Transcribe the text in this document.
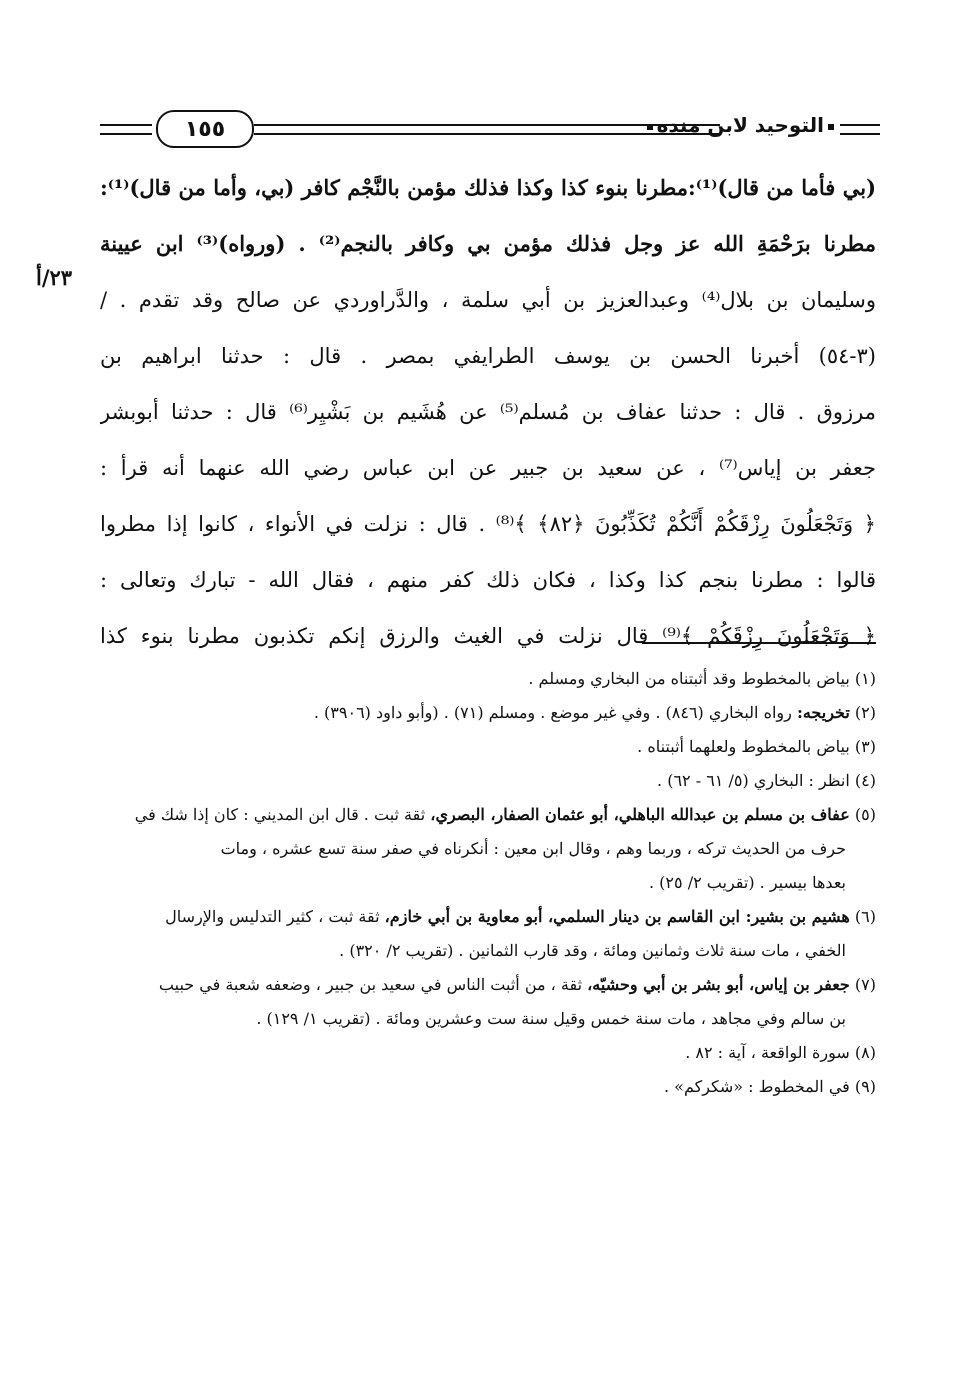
١٥٥	التوحيد لابن منده
٢٣/أ
(بي فأما من قال)⁽¹⁾:مطرنا بنوء كذا وكذا فذلك مؤمن بالنَّجْم كافر (بي، وأما من قال)⁽¹⁾:
مطرنا برَحْمَةِ الله عز وجل فذلك مؤمن بي وكافر بالنجم⁽²⁾ . (ورواه)⁽³⁾ ابن عيينة
وسليمان بن بلال⁽⁴⁾ وعبدالعزيز بن أبي سلمة ، والدَّراوردي عن صالح وقد تقدم . /
(٣-٥٤) أخبرنا الحسن بن يوسف الطرايفي بمصر . قال : حدثنا ابراهيم بن
مرزوق . قال : حدثنا عفاف بن مُسلم⁽⁵⁾ عن هُشَيم بن بَشْيِر⁽⁶⁾ قال : حدثنا أبوبشر
جعفر بن إياس⁽⁷⁾ ، عن سعيد بن جبير عن ابن عباس رضي الله عنهما أنه قرأ :
﴿ وَتَجْعَلُونَ رِزْقَكُمْ أَنَّكُمْ تُكَذِّبُونَ ﴿٨٢﴾ ﴾⁽⁸⁾ . قال : نزلت في الأنواء ، كانوا إذا مطروا
قالوا : مطرنا بنجم كذا وكذا ، فكان ذلك كفر منهم ، فقال الله - تبارك وتعالى :
﴿ وَتَجْعَلُونَ رِزْقَكُمْ ﴾⁽⁹⁾ قال نزلت في الغيث والرزق إنكم تكذبون مطرنا بنوء كذا
(١) بياض بالمخطوط وقد أثبتناه من البخاري ومسلم .
(٢) تخريجه: رواه البخاري (٨٤٦) . وفي غير موضع . ومسلم (٧١) . (وأبو داود (٣٩٠٦) .
(٣) بياض بالمخطوط ولعلهما أثبتناه .
(٤) انظر : البخاري (٥/ ٦١ - ٦٢) .
(٥) عفاف بن مسلم بن عبدالله الباهلي، أبو عثمان الصفار، البصري، ثقة ثبت . قال ابن المديني : كان إذا شك في
حرف من الحديث تركه ، وربما وهم ، وقال ابن معين : أنكرناه في صفر سنة تسع عشره ، ومات
بعدها بيسير . (تقريب ٢/ ٢٥) .
(٦) هشيم بن بشير: ابن القاسم بن دينار السلمي، أبو معاوية بن أبي خازم، ثقة ثبت ، كثير التدليس والإرسال
الخفي ، مات سنة ثلاث وثمانين ومائة ، وقد قارب الثمانين . (تقريب ٢/ ٣٢٠) .
(٧) جعفر بن إياس، أبو بشر بن أبي وحشيّه، ثقة ، من أثبت الناس في سعيد بن جبير ، وضعفه شعبة في حبيب
بن سالم وفي مجاهد ، مات سنة خمس وقيل سنة ست وعشرين ومائة . (تقريب ١/ ١٢٩) .
(٨) سورة الواقعة ، آية : ٨٢ .
(٩) في المخطوط : «شكركم» .
